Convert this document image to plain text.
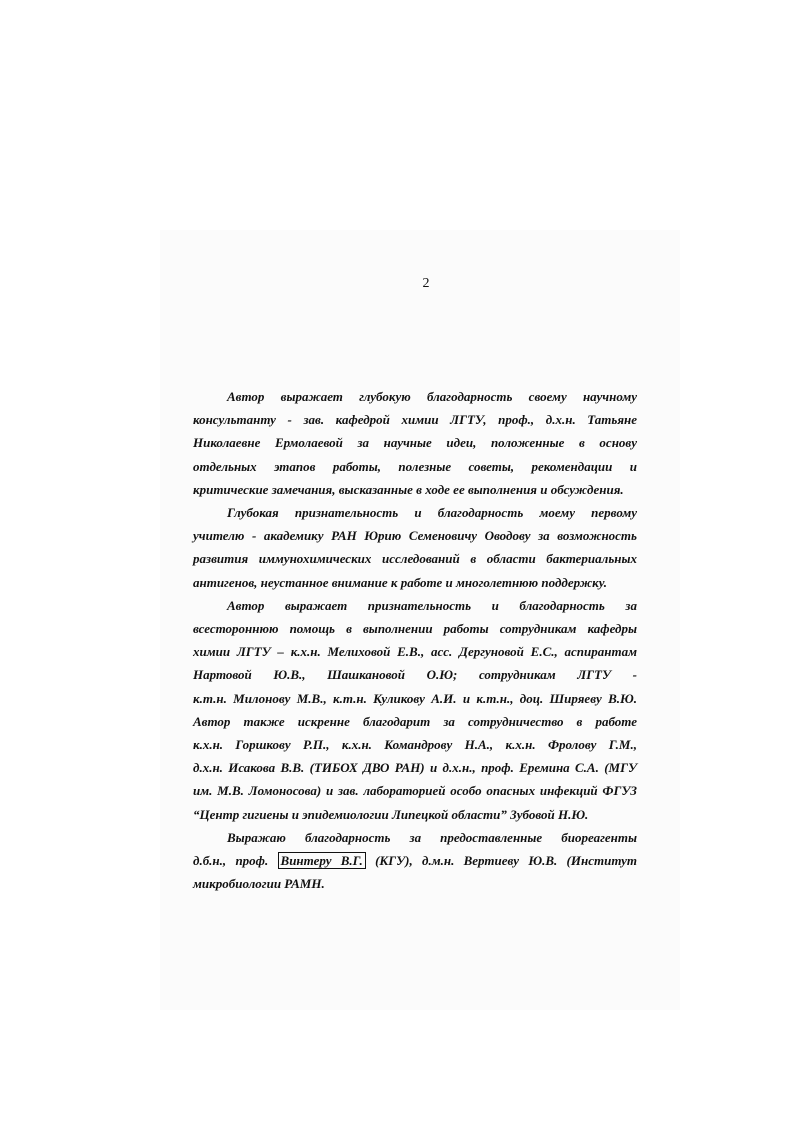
2
Автор выражает глубокую благодарность своему научному
консультанту - зав. кафедрой химии ЛГТУ, проф., д.х.н. Татьяне
Николаевне Ермолаевой за научные идеи, положенные в основу
отдельных этапов работы, полезные советы, рекомендации и
критические замечания, высказанные в ходе ее выполнения и обсуждения.
Глубокая признательность и благодарность моему первому
учителю - академику РАН Юрию Семеновичу Оводову за возможность
развития иммунохимических исследований в области бактериальных
антигенов, неустанное внимание к работе и многолетнюю поддержку.
Автор выражает признательность и благодарность за
всестороннюю помощь в выполнении работы сотрудникам кафедры
химии ЛГТУ – к.х.н. Мелиховой Е.В., асс. Дергуновой Е.С., аспирантам
Нартовой Ю.В., Шашкановой О.Ю; сотрудникам ЛГТУ -
к.т.н. Милонову М.В., к.т.н. Куликову А.И. и к.т.н., доц. Ширяеву В.Ю.
Автор также искренне благодарит за сотрудничество в работе
к.х.н. Горшкову Р.П., к.х.н. Командрову Н.А., к.х.н. Фролову Г.М.,
д.х.н. Исакова В.В. (ТИБОХ ДВО РАН) и д.х.н., проф. Еремина С.А. (МГУ
им. М.В. Ломоносова) и зав. лабораторией особо опасных инфекций ФГУЗ
“Центр гигиены и эпидемиологии Липецкой области” Зубовой Н.Ю.
Выражаю благодарность за предоставленные биореагенты
д.б.н., проф. Винтеру В.Г. (КГУ), д.м.н. Вертиеву Ю.В. (Институт
микробиологии РАМН.
